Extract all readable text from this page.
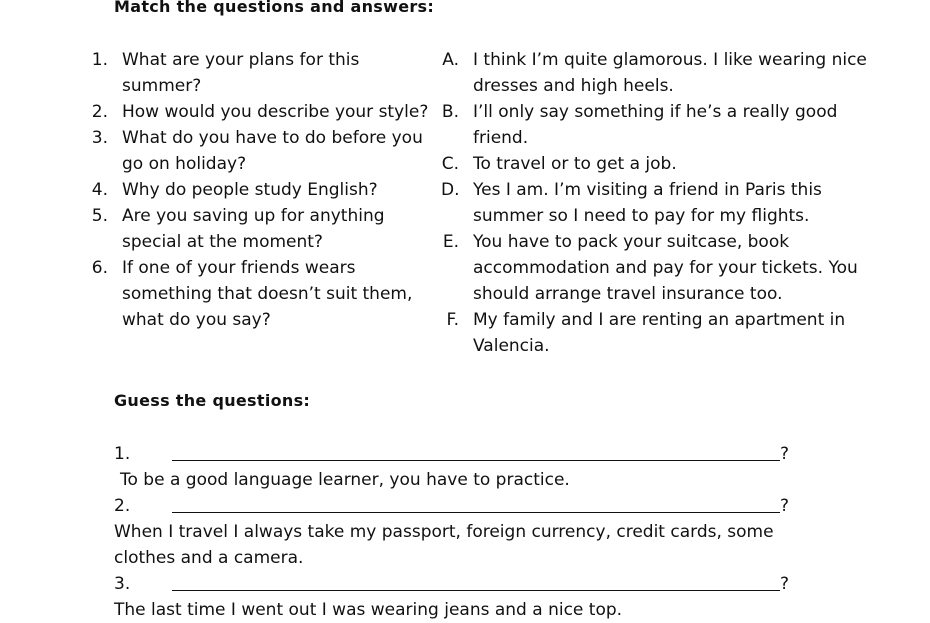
Match the questions and answers:
1. What are your plans for this summer?
2. How would you describe your style?
3. What do you have to do before you go on holiday?
4. Why do people study English?
5. Are you saving up for anything special at the moment?
6. If one of your friends wears something that doesn’t suit them, what do you say?
A. I think I’m quite glamorous. I like wearing nice dresses and high heels.
B. I’ll only say something if he’s a really good friend.
C. To travel or to get a job.
D. Yes I am. I’m visiting a friend in Paris this summer so I need to pay for my flights.
E. You have to pack your suitcase, book accommodation and pay for your tickets. You should arrange travel insurance too.
F. My family and I are renting an apartment in Valencia.
Guess the questions:
1.	?
To be a good language learner, you have to practice.
2.	?
When I travel I always take my passport, foreign currency, credit cards, some clothes and a camera.
3.	?
The last time I went out I was wearing jeans and a nice top.
